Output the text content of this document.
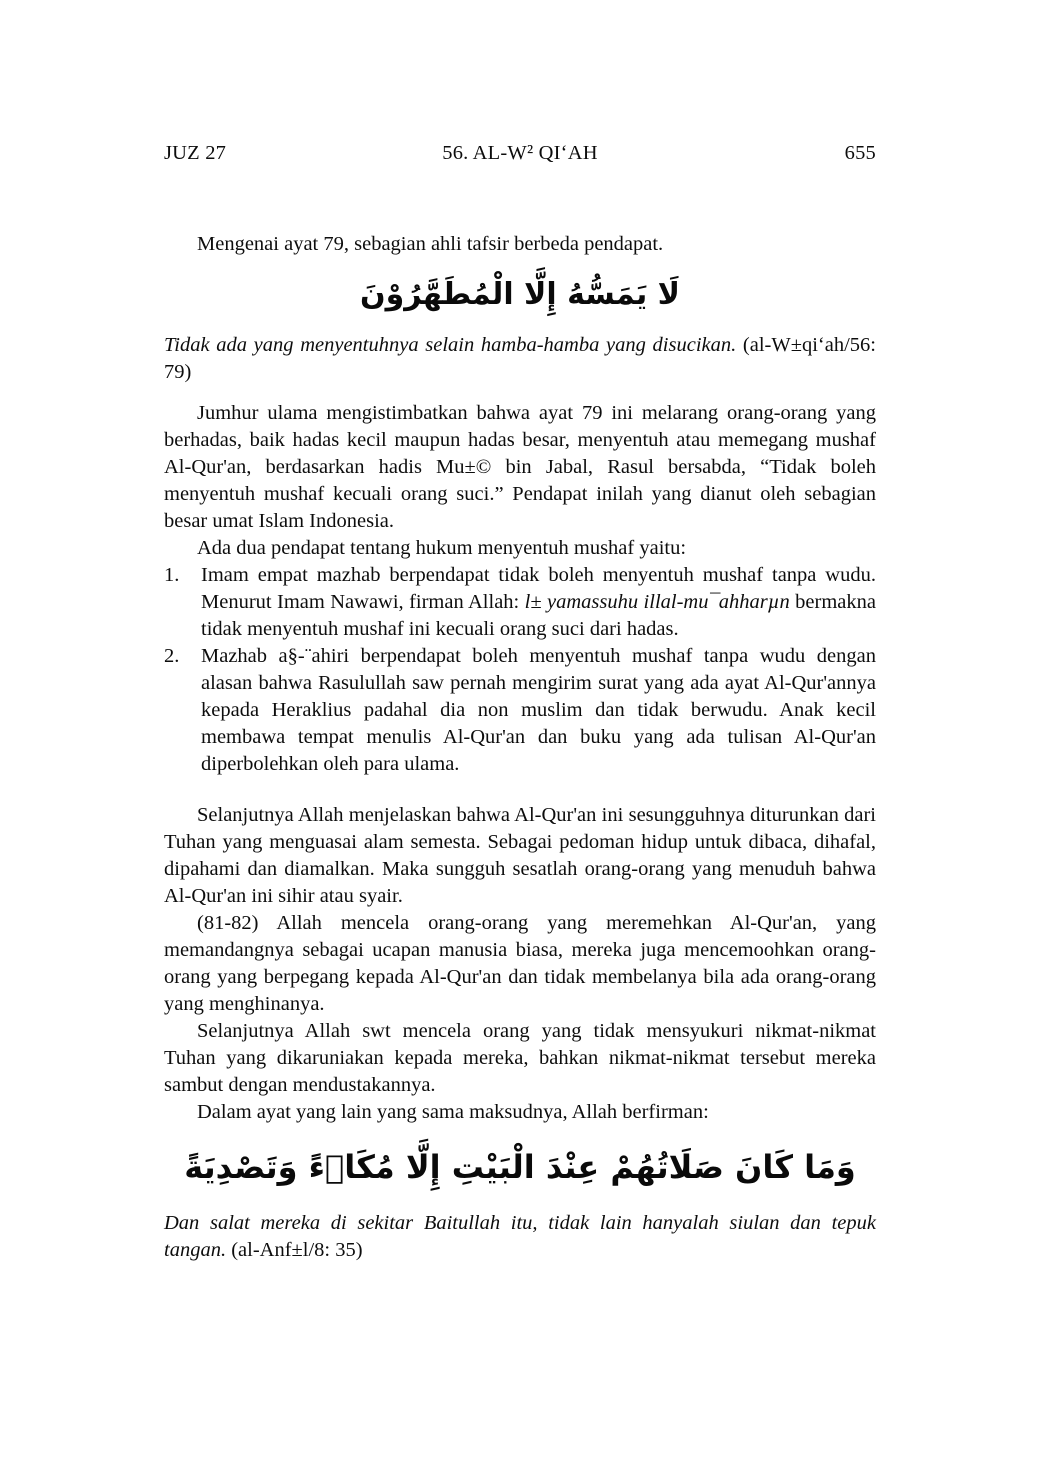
JUZ 27	56. AL-W² QI‘AH	655

Mengenai ayat 79, sebagian ahli tafsir berbeda pendapat.

لَا يَمَسُّهُ إِلَّا الْمُطَهَّرُوْنَ

Tidak ada yang menyentuhnya selain hamba-hamba yang disucikan. (al-W±qi‘ah/56: 79)

Jumhur ulama mengistimbatkan bahwa ayat 79 ini melarang orang-orang yang berhadas, baik hadas kecil maupun hadas besar, menyentuh atau memegang mushaf Al-Qur'an, berdasarkan hadis Mu±© bin Jabal, Rasul bersabda, “Tidak boleh menyentuh mushaf kecuali orang suci.” Pendapat inilah yang dianut oleh sebagian besar umat Islam Indonesia.

Ada dua pendapat tentang hukum menyentuh mushaf yaitu:

1. Imam empat mazhab berpendapat tidak boleh menyentuh mushaf tanpa wudu. Menurut Imam Nawawi, firman Allah: l± yamassuhu illal-mu¯ahharµn bermakna tidak menyentuh mushaf ini kecuali orang suci dari hadas.
2. Mazhab a§-¨ahiri berpendapat boleh menyentuh mushaf tanpa wudu dengan alasan bahwa Rasulullah saw pernah mengirim surat yang ada ayat Al-Qur'annya kepada Heraklius padahal dia non muslim dan tidak berwudu. Anak kecil membawa tempat menulis Al-Qur'an dan buku yang ada tulisan Al-Qur'an diperbolehkan oleh para ulama.

Selanjutnya Allah menjelaskan bahwa Al-Qur'an ini sesungguhnya diturunkan dari Tuhan yang menguasai alam semesta. Sebagai pedoman hidup untuk dibaca, dihafal, dipahami dan diamalkan. Maka sungguh sesatlah orang-orang yang menuduh bahwa Al-Qur'an ini sihir atau syair.

(81-82) Allah mencela orang-orang yang meremehkan Al-Qur'an, yang memandangnya sebagai ucapan manusia biasa, mereka juga mencemoohkan orang-orang yang berpegang kepada Al-Qur'an dan tidak membelanya bila ada orang-orang yang menghinanya.

Selanjutnya Allah swt mencela orang yang tidak mensyukuri nikmat-nikmat Tuhan yang dikaruniakan kepada mereka, bahkan nikmat-nikmat tersebut mereka sambut dengan mendustakannya.

Dalam ayat yang lain yang sama maksudnya, Allah berfirman:

وَمَا كَانَ صَلَاتُهُمْ عِنْدَ الْبَيْتِ إِلَّا مُكَاۤءً وَتَصْدِيَةً

Dan salat mereka di sekitar Baitullah itu, tidak lain hanyalah siulan dan tepuk tangan. (al-Anf±l/8: 35)
